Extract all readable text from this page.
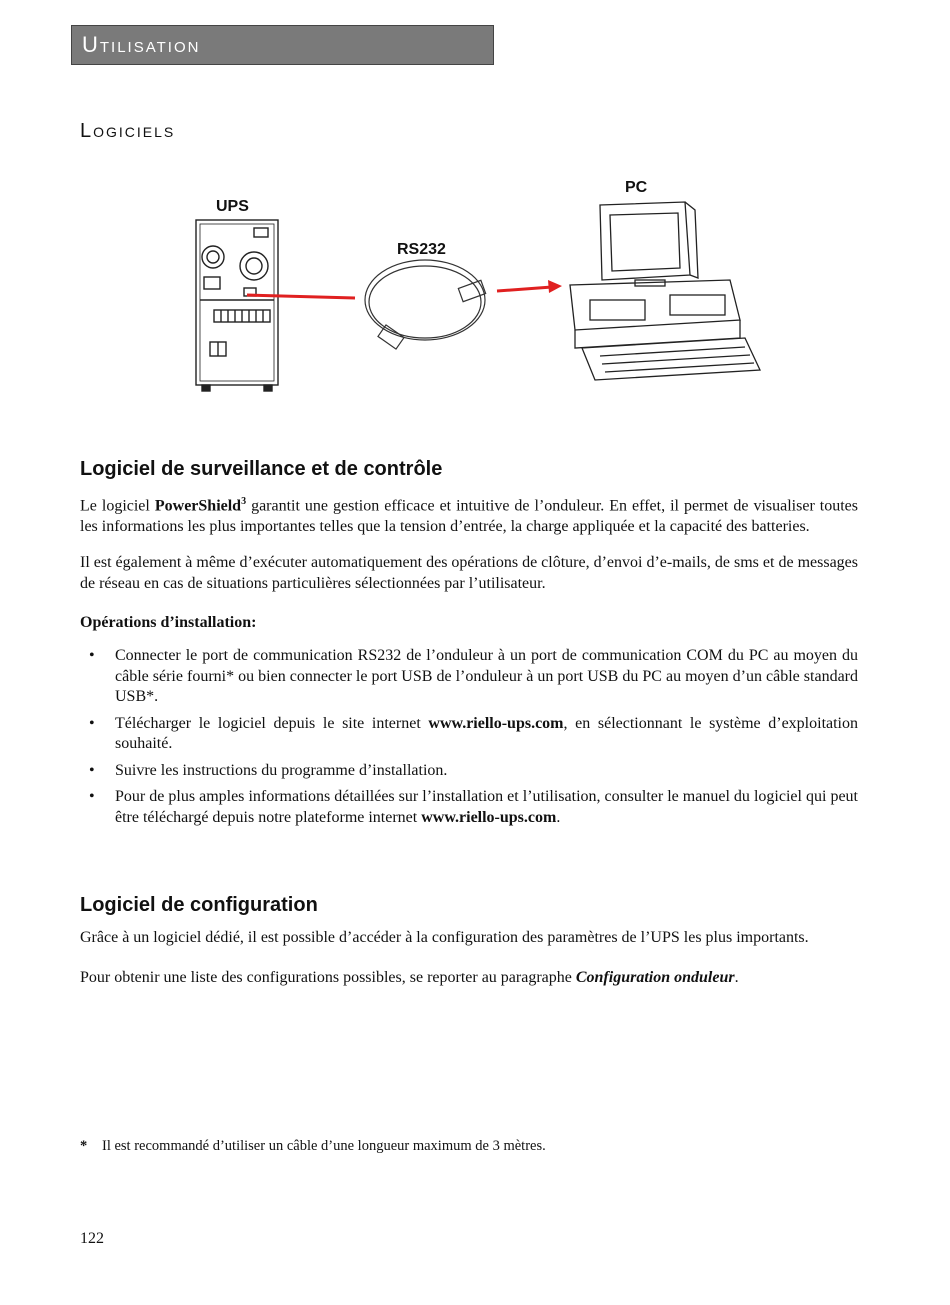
Utilisation
Logiciels
UPS
RS232
PC
Logiciel de surveillance et de contrôle
Le logiciel PowerShield$^3$ garantit une gestion efficace et intuitive de l’onduleur. En effet, il permet de visualiser toutes les informations les plus importantes telles que la tension d’entrée, la charge appliquée et la capacité des batteries.
Il est également à même d’exécuter automatiquement des opérations de clôture, d’envoi d’e-mails, de sms et de messages de réseau en cas de situations particulières sélectionnées par l’utilisateur.
Opérations d’installation:
• Connecter le port de communication RS232 de l’onduleur à un port de communication COM du PC au moyen du câble série fourni* ou bien connecter le port USB de l’onduleur à un port USB du PC au moyen d’un câble standard USB*.
• Télécharger le logiciel depuis le site internet www.riello-ups.com, en sélectionnant le système d’exploitation souhaité.
• Suivre les instructions du programme d’installation.
• Pour de plus amples informations détaillées sur l’installation et l’utilisation, consulter le manuel du logiciel qui peut être téléchargé depuis notre plateforme internet www.riello-ups.com.
Logiciel de configuration
Grâce à un logiciel dédié, il est possible d’accéder à la configuration des paramètres de l’UPS les plus importants.
Pour obtenir une liste des configurations possibles, se reporter au paragraphe Configuration onduleur.
* Il est recommandé d’utiliser un câble d’une longueur maximum de 3 mètres.
122
